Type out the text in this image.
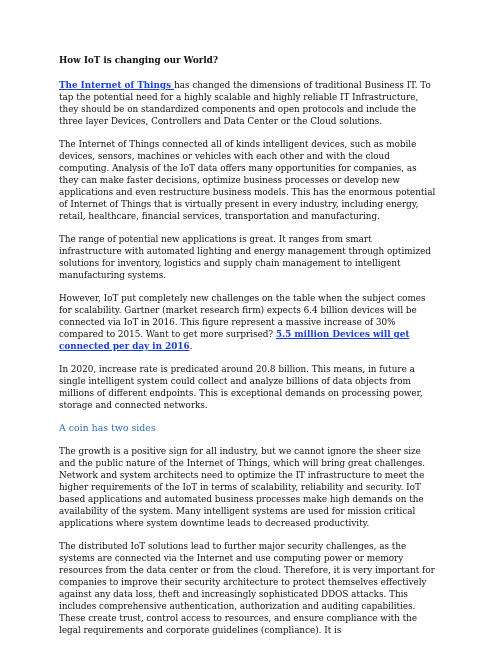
How IoT is changing our World?

The Internet of Things has changed the dimensions of traditional Business IT. To tap the potential need for a highly scalable and highly reliable IT Infrastructure, they should be on standardized components and open protocols and include the three layer Devices, Controllers and Data Center or the Cloud solutions.

The Internet of Things connected all of kinds intelligent devices, such as mobile devices, sensors, machines or vehicles with each other and with the cloud computing. Analysis of the IoT data offers many opportunities for companies, as they can make faster decisions, optimize business processes or develop new applications and even restructure business models. This has the enormous potential of Internet of Things that is virtually present in every industry, including energy, retail, healthcare, financial services, transportation and manufacturing.

The range of potential new applications is great. It ranges from smart infrastructure with automated lighting and energy management through optimized solutions for inventory, logistics and supply chain management to intelligent manufacturing systems.

However, IoT put completely new challenges on the table when the subject comes for scalability. Gartner (market research firm) expects 6.4 billion devices will be connected via IoT in 2016. This figure represent a massive increase of 30% compared to 2015. Want to get more surprised? 5.5 million Devices will get connected per day in 2016.

In 2020, increase rate is predicated around 20.8 billion. This means, in future a single intelligent system could collect and analyze billions of data objects from millions of different endpoints. This is exceptional demands on processing power, storage and connected networks.

A coin has two sides

The growth is a positive sign for all industry, but we cannot ignore the sheer size and the public nature of the Internet of Things, which will bring great challenges. Network and system architects need to optimize the IT infrastructure to meet the higher requirements of the IoT in terms of scalability, reliability and security. IoT based applications and automated business processes make high demands on the availability of the system. Many intelligent systems are used for mission critical applications where system downtime leads to decreased productivity.

The distributed IoT solutions lead to further major security challenges, as the systems are connected via the Internet and use computing power or memory resources from the data center or from the cloud. Therefore, it is very important for companies to improve their security architecture to protect themselves effectively against any data loss, theft and increasingly sophisticated DDOS attacks. This includes comprehensive authentication, authorization and auditing capabilities. These create trust, control access to resources, and ensure compliance with the legal requirements and corporate guidelines (compliance). It is
